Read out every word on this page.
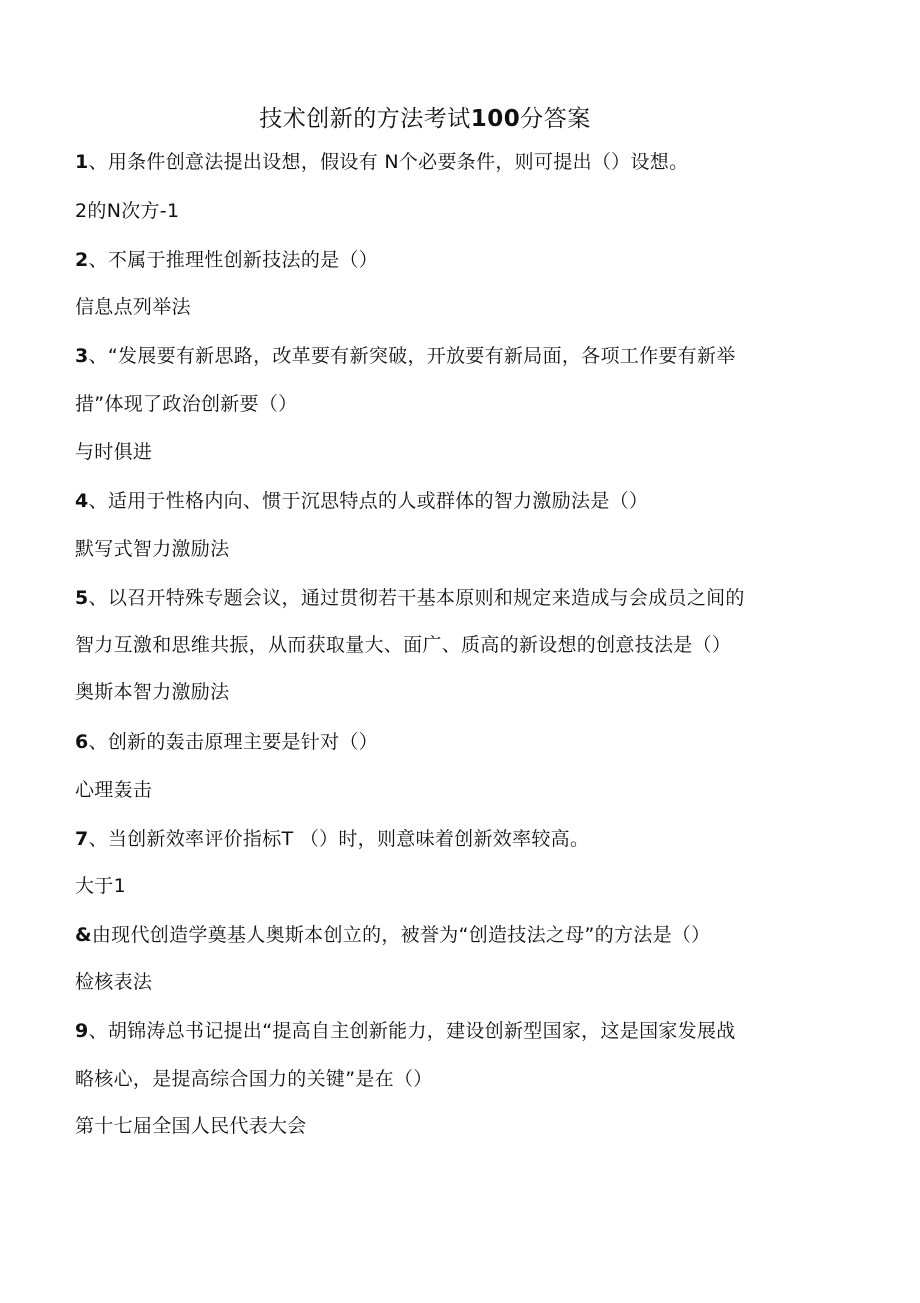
技术创新的方法考试100分答案

1、用条件创意法提出设想，假设有 N个必要条件，则可提出（）设想。

2的N次方-1

2、不属于推理性创新技法的是（）

信息点列举法

3、“发展要有新思路，改革要有新突破，开放要有新局面，各项工作要有新举

措”体现了政治创新要（）

与时俱进

4、适用于性格内向、惯于沉思特点的人或群体的智力激励法是（）

默写式智力激励法

5、以召开特殊专题会议，通过贯彻若干基本原则和规定来造成与会成员之间的

智力互激和思维共振，从而获取量大、面广、质高的新设想的创意技法是（）

奥斯本智力激励法

6、创新的轰击原理主要是针对（）

心理轰击

7、当创新效率评价指标T （）时，则意味着创新效率较高。

大于1

&由现代创造学奠基人奥斯本创立的，被誉为“创造技法之母”的方法是（）

检核表法

9、胡锦涛总书记提出“提高自主创新能力，建设创新型国家，这是国家发展战

略核心，是提高综合国力的关键”是在（）

第十七届全国人民代表大会
